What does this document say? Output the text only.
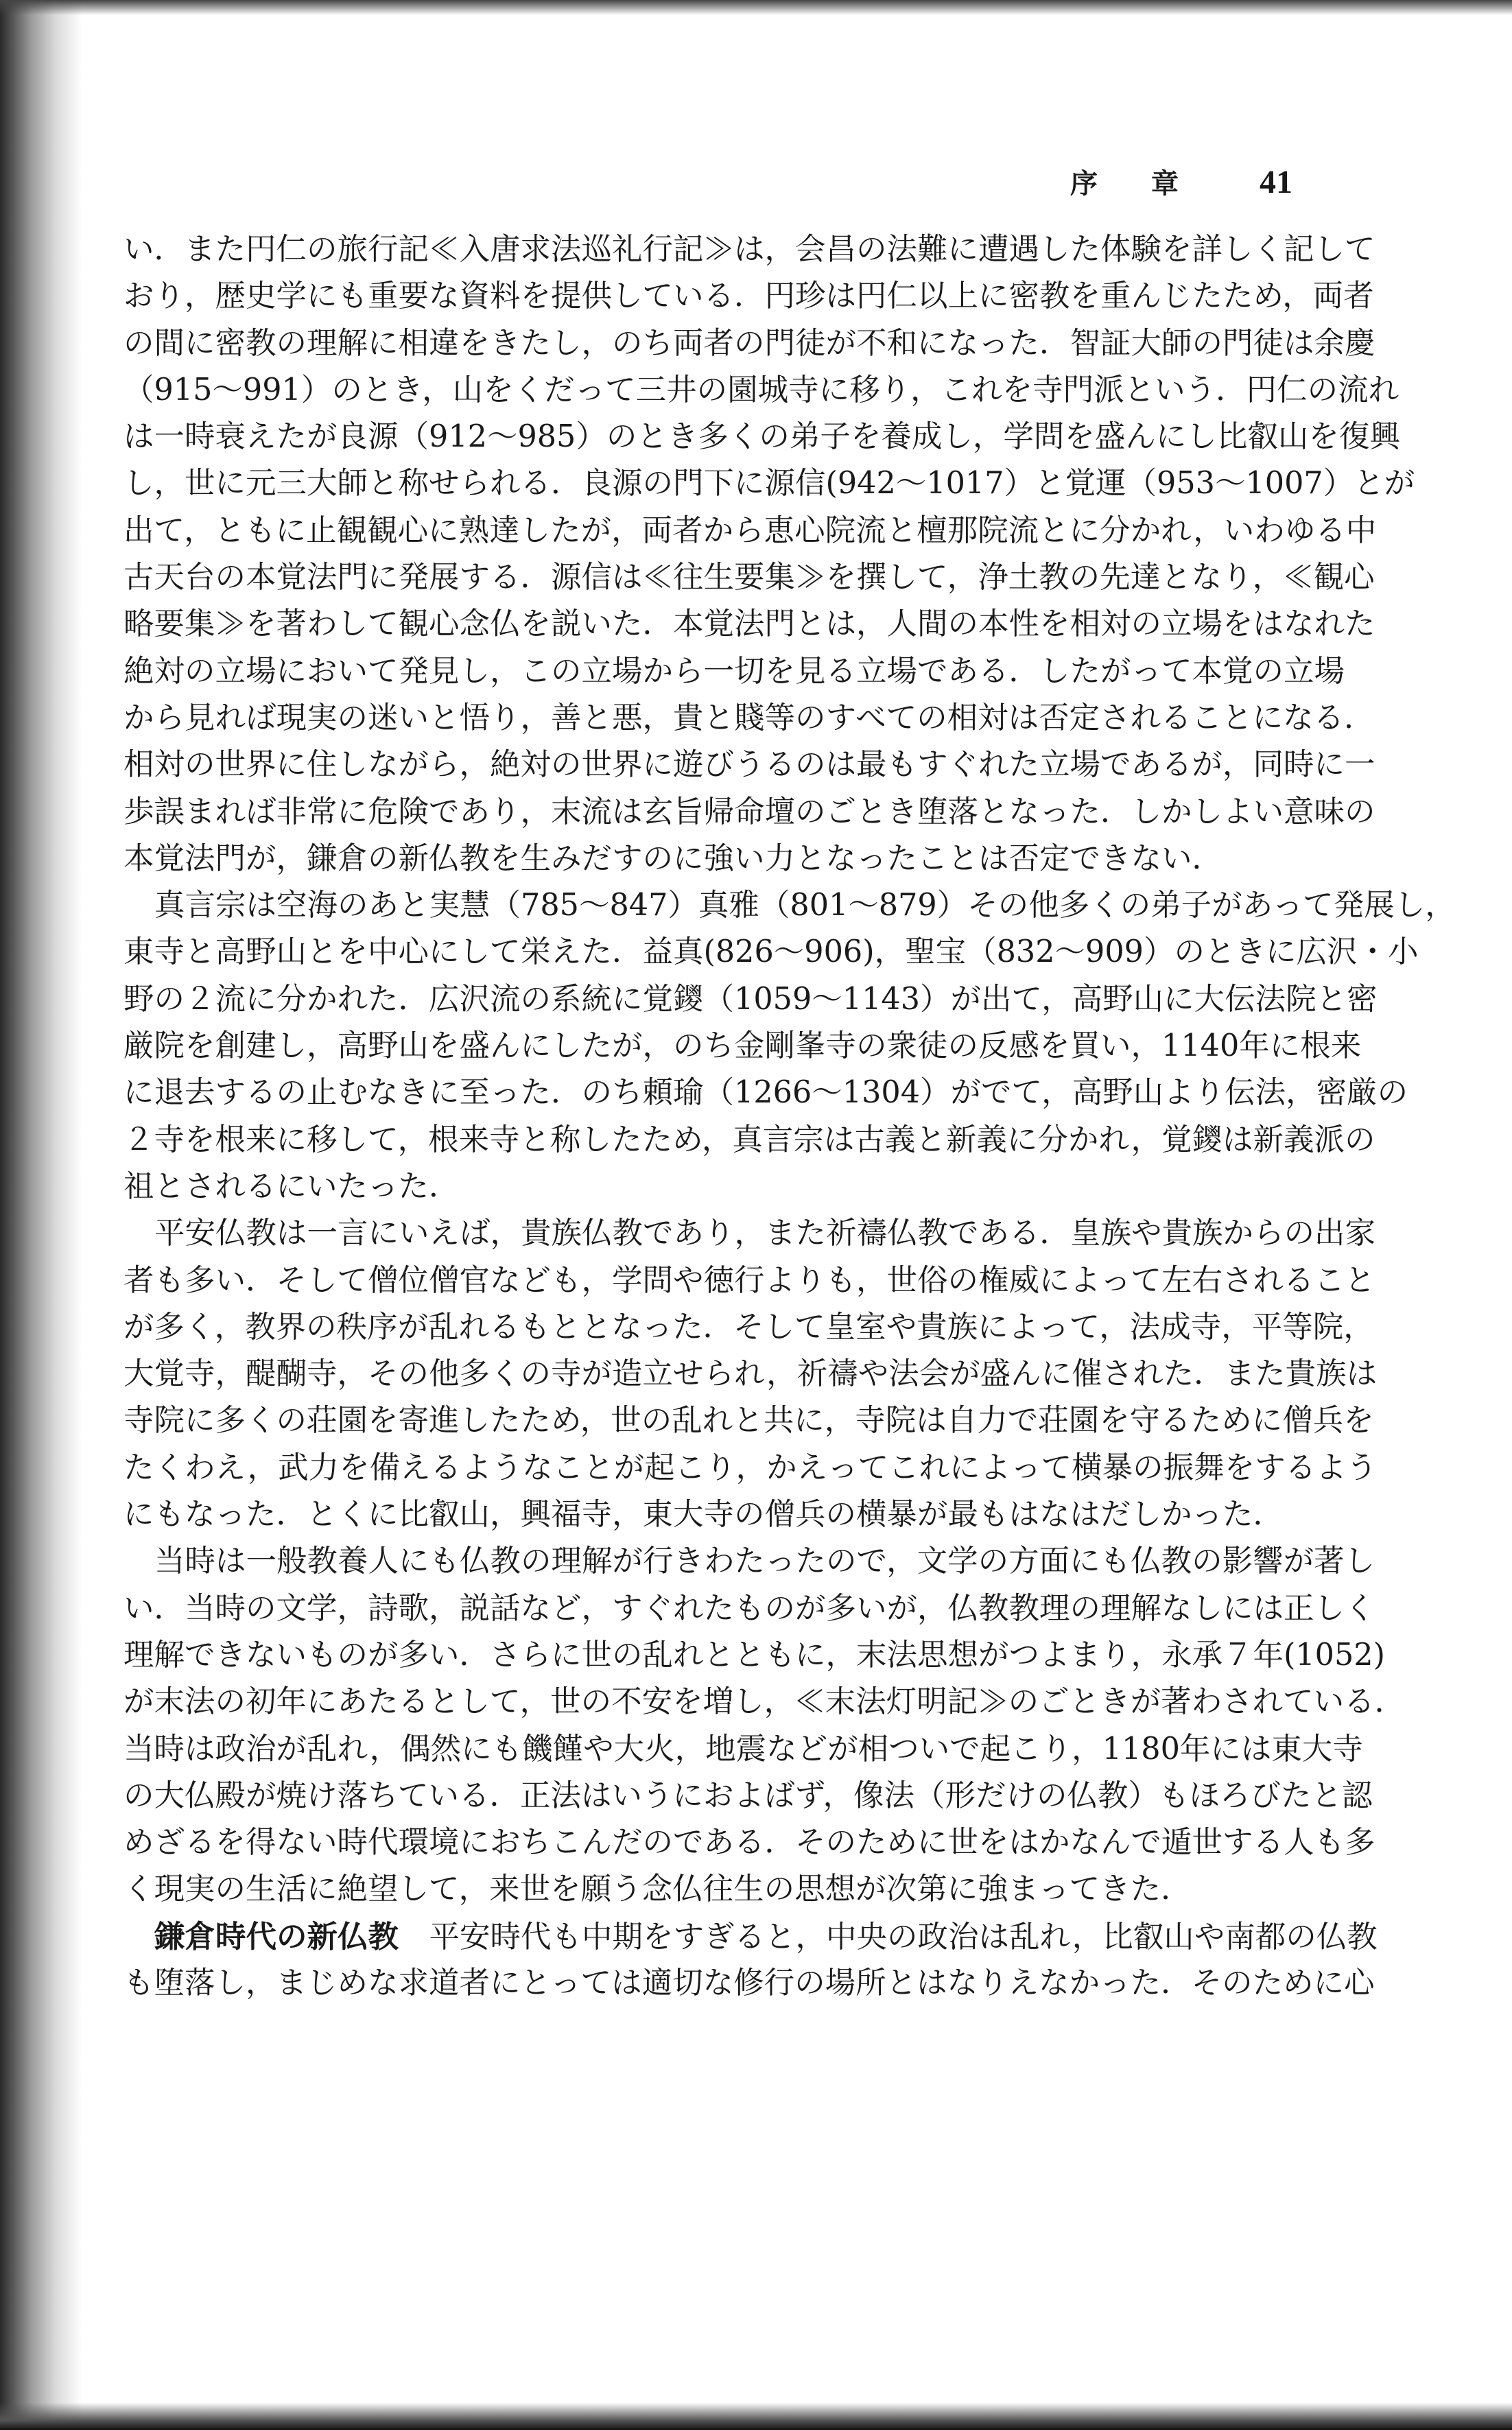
序章 41
い．また円仁の旅行記≪入唐求法巡礼行記≫は，会昌の法難に遭遇した体験を詳しく記して
おり，歴史学にも重要な資料を提供している．円珍は円仁以上に密教を重んじたため，両者
の間に密教の理解に相違をきたし，のち両者の門徒が不和になった．智証大師の門徒は余慶
（915〜991）のとき，山をくだって三井の園城寺に移り，これを寺門派という．円仁の流れ
は一時衰えたが良源（912〜985）のとき多くの弟子を養成し，学問を盛んにし比叡山を復興
し，世に元三大師と称せられる．良源の門下に源信(942〜1017）と覚運（953〜1007）とが
出て，ともに止観観心に熟達したが，両者から恵心院流と檀那院流とに分かれ，いわゆる中
古天台の本覚法門に発展する．源信は≪往生要集≫を撰して，浄土教の先達となり，≪観心
略要集≫を著わして観心念仏を説いた．本覚法門とは，人間の本性を相対の立場をはなれた
絶対の立場において発見し，この立場から一切を見る立場である．したがって本覚の立場
から見れば現実の迷いと悟り，善と悪，貴と賤等のすべての相対は否定されることになる．
相対の世界に住しながら，絶対の世界に遊びうるのは最もすぐれた立場であるが，同時に一
歩誤まれば非常に危険であり，末流は玄旨帰命壇のごとき堕落となった．しかしよい意味の
本覚法門が，鎌倉の新仏教を生みだすのに強い力となったことは否定できない．
真言宗は空海のあと実慧（785〜847）真雅（801〜879）その他多くの弟子があって発展し，
東寺と高野山とを中心にして栄えた．益真(826〜906)，聖宝（832〜909）のときに広沢・小
野の２流に分かれた．広沢流の系統に覚鑁（1059〜1143）が出て，高野山に大伝法院と密
厳院を創建し，高野山を盛んにしたが，のち金剛峯寺の衆徒の反感を買い，1140年に根来
に退去するの止むなきに至った．のち頼瑜（1266〜1304）がでて，高野山より伝法，密厳の
２寺を根来に移して，根来寺と称したため，真言宗は古義と新義に分かれ，覚鑁は新義派の
祖とされるにいたった．
平安仏教は一言にいえば，貴族仏教であり，また祈禱仏教である．皇族や貴族からの出家
者も多い．そして僧位僧官なども，学問や徳行よりも，世俗の権威によって左右されること
が多く，教界の秩序が乱れるもととなった．そして皇室や貴族によって，法成寺，平等院，
大覚寺，醍醐寺，その他多くの寺が造立せられ，祈禱や法会が盛んに催された．また貴族は
寺院に多くの荘園を寄進したため，世の乱れと共に，寺院は自力で荘園を守るために僧兵を
たくわえ，武力を備えるようなことが起こり，かえってこれによって横暴の振舞をするよう
にもなった．とくに比叡山，興福寺，東大寺の僧兵の横暴が最もはなはだしかった．
当時は一般教養人にも仏教の理解が行きわたったので，文学の方面にも仏教の影響が著し
い．当時の文学，詩歌，説話など，すぐれたものが多いが，仏教教理の理解なしには正しく
理解できないものが多い．さらに世の乱れとともに，末法思想がつよまり，永承７年(1052)
が末法の初年にあたるとして，世の不安を増し，≪末法灯明記≫のごときが著わされている．
当時は政治が乱れ，偶然にも饑饉や大火，地震などが相ついで起こり，1180年には東大寺
の大仏殿が焼け落ちている．正法はいうにおよばず，像法（形だけの仏教）もほろびたと認
めざるを得ない時代環境におちこんだのである．そのために世をはかなんで遁世する人も多
く現実の生活に絶望して，来世を願う念仏往生の思想が次第に強まってきた．
鎌倉時代の新仏教　平安時代も中期をすぎると，中央の政治は乱れ，比叡山や南都の仏教
も堕落し，まじめな求道者にとっては適切な修行の場所とはなりえなかった．そのために心
